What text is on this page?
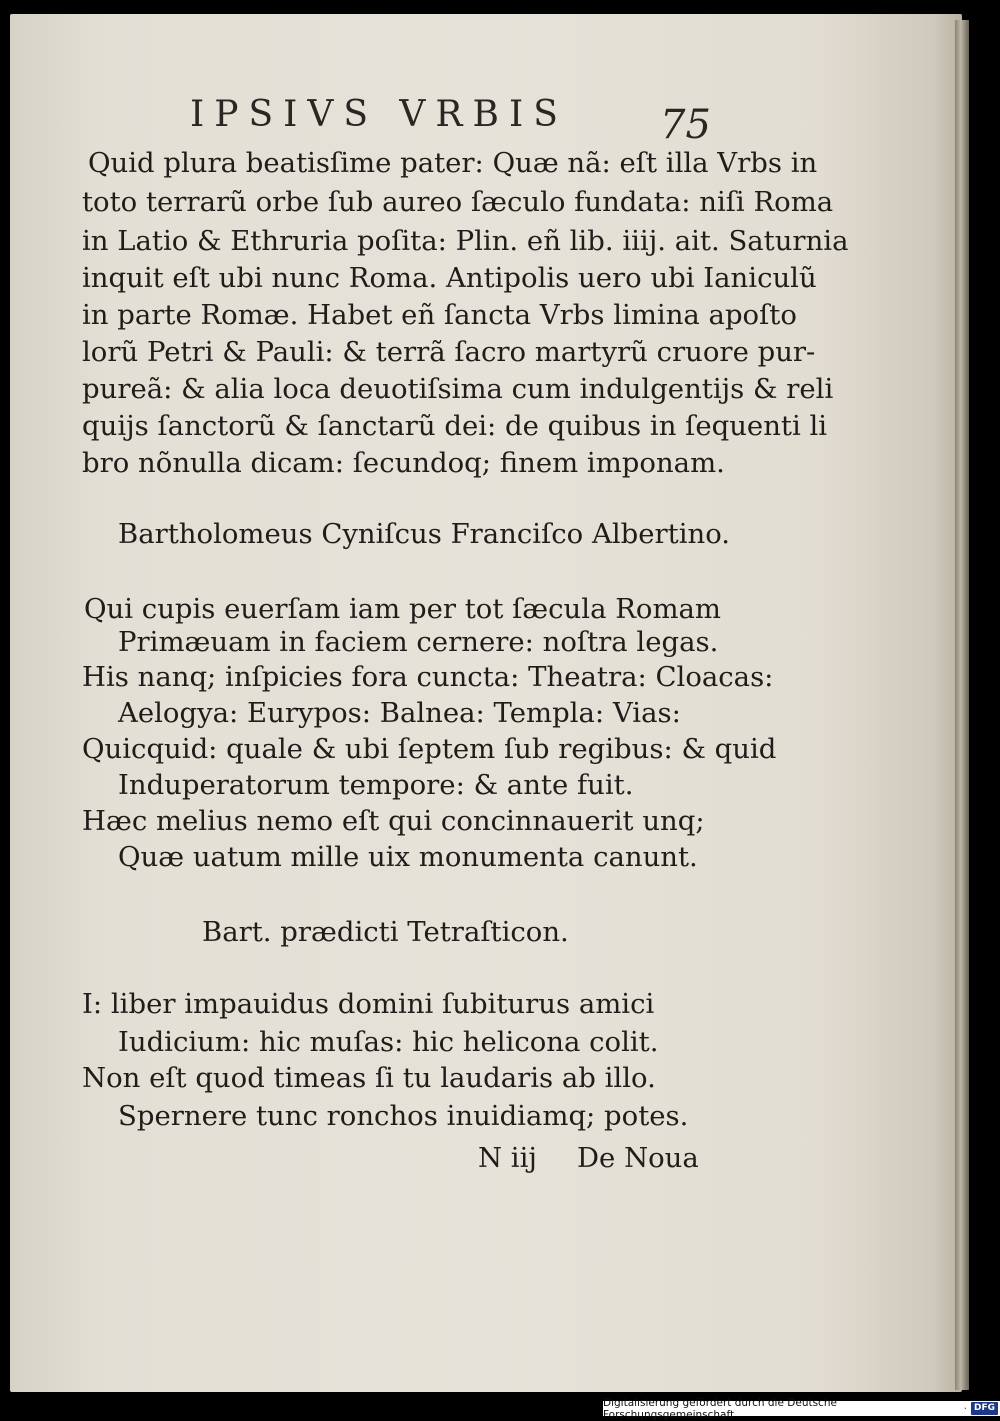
IPSIVS VRBIS 75
Quid plura beatisſime pater: Quæ nã: eſt illa Vrbs in
toto terrarũ orbe ſub aureo ſæculo fundata: niſi Roma
in Latio & Ethruria poſita: Plin. eñ lib. iiij. ait. Saturnia
inquit eſt ubi nunc Roma. Antipolis uero ubi Ianiculũ
in parte Romæ. Habet eñ ſancta Vrbs limina apoſto
lorũ Petri & Pauli: & terrã ſacro martyrũ cruore pur-
pureã: & alia loca deuotiſsima cum indulgentijs & reli
quijs ſanctorũ & ſanctarũ dei: de quibus in ſequenti li
bro nõnulla dicam: ſecundoq; finem imponam.
Bartholomeus Cyniſcus Franciſco Albertino.
Qui cupis euerſam iam per tot ſæcula Romam
Primæuam in faciem cernere: noſtra legas.
His nanq; inſpicies fora cuncta: Theatra: Cloacas:
Aelogya: Eurypos: Balnea: Templa: Vias:
Quicquid: quale & ubi ſeptem ſub regibus: & quid
Induperatorum tempore: & ante fuit.
Hæc melius nemo eſt qui concinnauerit unq;
Quæ uatum mille uix monumenta canunt.
Bart. prædicti Tetraſticon.
I: liber impauidus domini ſubiturus amici
Iudicium: hic muſas: hic helicona colit.
Non eſt quod timeas ſi tu laudaris ab illo.
Spernere tunc ronchos inuidiamq; potes.
N iij De Noua
Digitalisierung gefördert durch die Deutsche Forschungsgemeinschaft	· DFG
